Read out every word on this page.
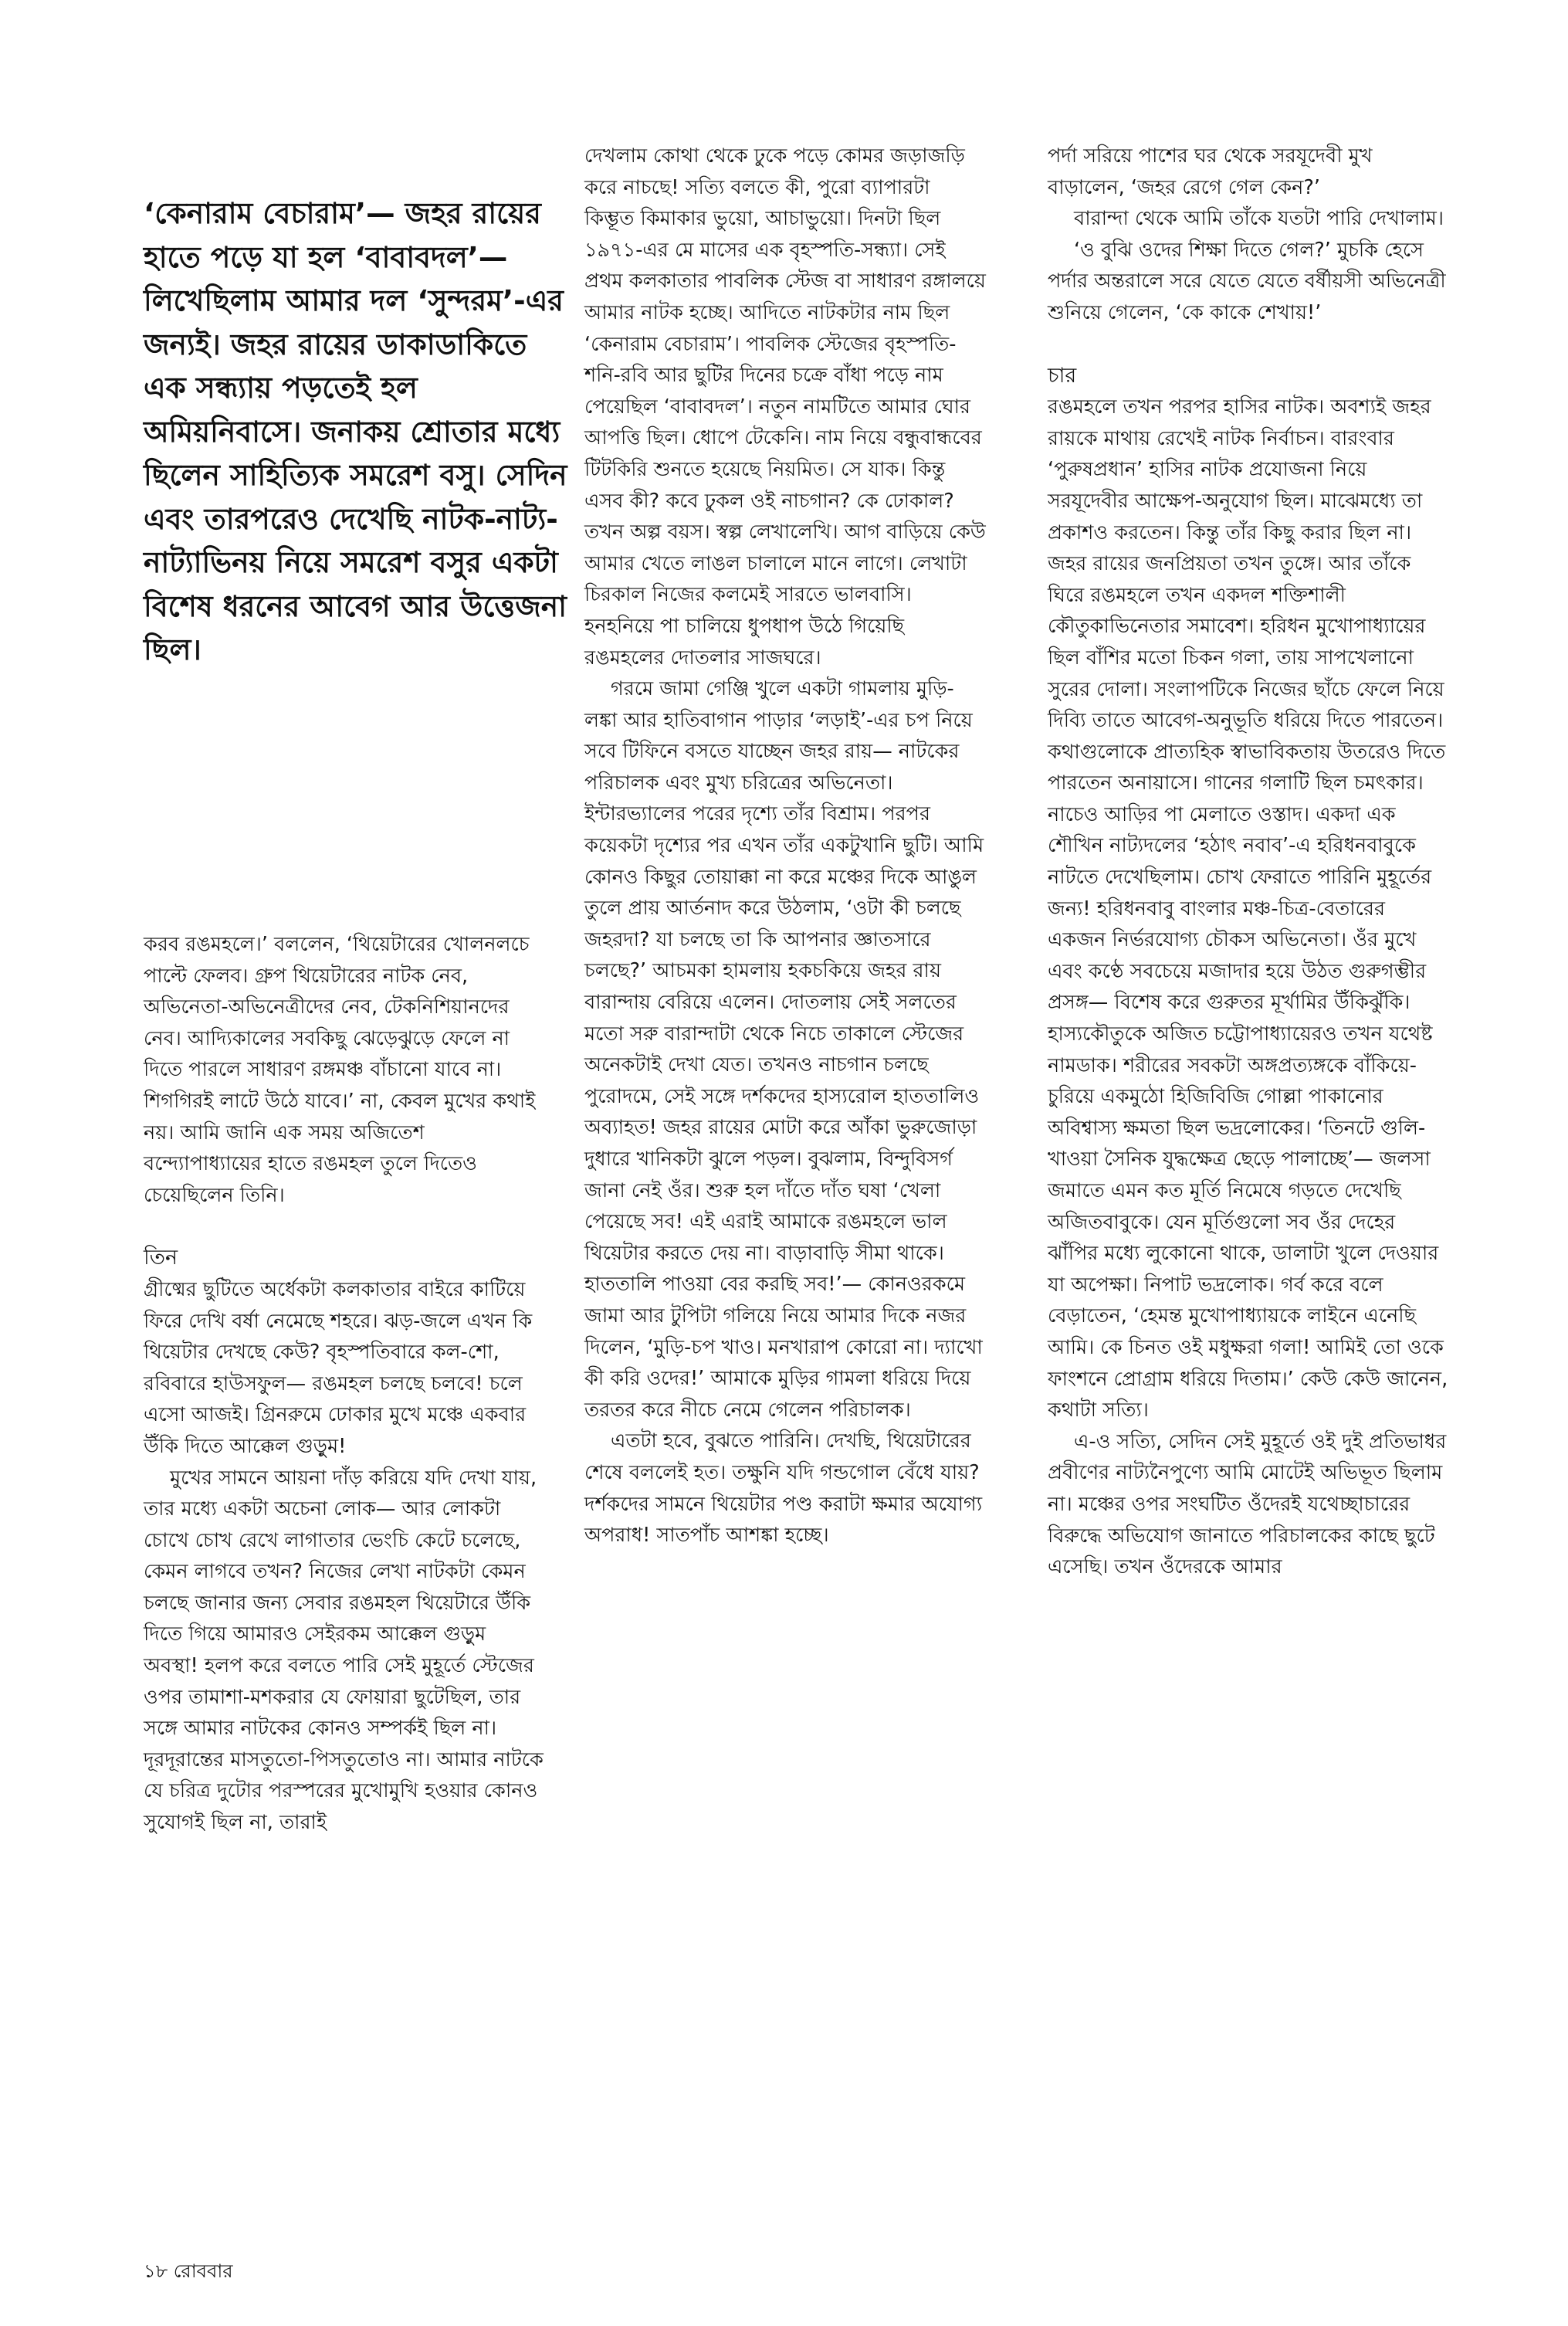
‘কেনারাম বেচারাম’— জহর রায়ের হাতে পড়ে যা হল ‘বাবাবদল’— লিখেছিলাম আমার দল ‘সুন্দরম’-এর জন্যই। জহর রায়ের ডাকাডাকিতে এক সন্ধ্যায় পড়তেই হল অমিয়নিবাসে। জনাকয় শ্রোতার মধ্যে ছিলেন সাহিত্যিক সমরেশ বসু। সেদিন এবং তারপরেও দেখেছি নাটক-নাট্য-নাট্যাভিনয় নিয়ে সমরেশ বসুর একটা বিশেষ ধরনের আবেগ আর উত্তেজনা ছিল।

করব রঙমহলে।’ বললেন, ‘থিয়েটারের খোলনলচে পাল্টে ফেলব। গ্রুপ থিয়েটারের নাটক নেব, অভিনেতা-অভিনেত্রীদের নেব, টেকনিশিয়ানদের নেব। আদ্যিকালের সবকিছু ঝেড়েঝুড়ে ফেলে না দিতে পারলে সাধারণ রঙ্গমঞ্চ বাঁচানো যাবে না। শিগগিরই লাটে উঠে যাবে।’ না, কেবল মুখের কথাই নয়। আমি জানি এক সময় অজিতেশ বন্দ্যোপাধ্যায়ের হাতে রঙমহল তুলে দিতেও চেয়েছিলেন তিনি।

তিন

গ্রীষ্মের ছুটিতে অর্ধেকটা কলকাতার বাইরে কাটিয়ে ফিরে দেখি বর্ষা নেমেছে শহরে। ঝড়-জলে এখন কি থিয়েটার দেখছে কেউ? বৃহস্পতিবারে কল-শো, রবিবারে হাউসফুল— রঙমহল চলছে চলবে! চলে এসো আজই। গ্রিনরুমে ঢোকার মুখে মঞ্চে একবার উঁকি দিতে আক্কেল গুড়ুম!

মুখের সামনে আয়না দাঁড় করিয়ে যদি দেখা যায়, তার মধ্যে একটা অচেনা লোক— আর লোকটা চোখে চোখ রেখে লাগাতার ভেংচি কেটে চলেছে, কেমন লাগবে তখন? নিজের লেখা নাটকটা কেমন চলছে জানার জন্য সেবার রঙমহল থিয়েটারে উঁকি দিতে গিয়ে আমারও সেইরকম আক্কেল গুড়ুম অবস্থা! হলপ করে বলতে পারি সেই মুহূর্তে স্টেজের ওপর তামাশা-মশকরার যে ফোয়ারা ছুটেছিল, তার সঙ্গে আমার নাটকের কোনও সম্পর্কই ছিল না। দূরদূরান্তের মাসতুতো-পিসতুতোও না। আমার নাটকে যে চরিত্র দুটোর পরস্পরের মুখোমুখি হওয়ার কোনও সুযোগই ছিল না, তারাই

দেখলাম কোথা থেকে ঢুকে পড়ে কোমর জড়াজড়ি করে নাচছে! সত্যি বলতে কী, পুরো ব্যাপারটা কিম্ভূত কিমাকার ভুয়ো, আচাভুয়ো। দিনটা ছিল ১৯৭১-এর মে মাসের এক বৃহস্পতি-সন্ধ্যা। সেই প্রথম কলকাতার পাবলিক স্টেজ বা সাধারণ রঙ্গালয়ে আমার নাটক হচ্ছে। আদিতে নাটকটার নাম ছিল ‘কেনারাম বেচারাম’। পাবলিক স্টেজের বৃহস্পতি-শনি-রবি আর ছুটির দিনের চক্রে বাঁধা পড়ে নাম পেয়েছিল ‘বাবাবদল’। নতুন নামটিতে আমার ঘোর আপত্তি ছিল। ধোপে টেকেনি। নাম নিয়ে বন্ধুবান্ধবের টিটকিরি শুনতে হয়েছে নিয়মিত। সে যাক। কিন্তু এসব কী? কবে ঢুকল ওই নাচগান? কে ঢোকাল? তখন অল্প বয়স। স্বল্প লেখালেখি। আগ বাড়িয়ে কেউ আমার খেতে লাঙল চালালে মানে লাগে। লেখাটা চিরকাল নিজের কলমেই সারতে ভালবাসি। হনহনিয়ে পা চালিয়ে ধুপধাপ উঠে গিয়েছি রঙমহলের দোতলার সাজঘরে।

গরমে জামা গেঞ্জি খুলে একটা গামলায় মুড়ি-লঙ্কা আর হাতিবাগান পাড়ার ‘লড়াই’-এর চপ নিয়ে সবে টিফিনে বসতে যাচ্ছেন জহর রায়— নাটকের পরিচালক এবং মুখ্য চরিত্রের অভিনেতা। ইন্টারভ্যালের পরের দৃশ্যে তাঁর বিশ্রাম। পরপর কয়েকটা দৃশ্যের পর এখন তাঁর একটুখানি ছুটি। আমি কোনও কিছুর তোয়াক্কা না করে মঞ্চের দিকে আঙুল তুলে প্রায় আর্তনাদ করে উঠলাম, ‘ওটা কী চলছে জহরদা? যা চলছে তা কি আপনার জ্ঞাতসারে চলছে?’ আচমকা হামলায় হকচকিয়ে জহর রায় বারান্দায় বেরিয়ে এলেন। দোতলায় সেই সলতের মতো সরু বারান্দাটা থেকে নিচে তাকালে স্টেজের অনেকটাই দেখা যেত। তখনও নাচগান চলছে পুরোদমে, সেই সঙ্গে দর্শকদের হাস্যরোল হাততালিও অব্যাহত! জহর রায়ের মোটা করে আঁকা ভুরুজোড়া দুধারে খানিকটা ঝুলে পড়ল। বুঝলাম, বিন্দুবিসর্গ জানা নেই ওঁর। শুরু হল দাঁতে দাঁত ঘষা ‘খেলা পেয়েছে সব! এই এরাই আমাকে রঙমহলে ভাল থিয়েটার করতে দেয় না। বাড়াবাড়ি সীমা থাকে। হাততালি পাওয়া বের করছি সব!’— কোনওরকমে জামা আর টুপিটা গলিয়ে নিয়ে আমার দিকে নজর দিলেন, ‘মুড়ি-চপ খাও। মনখারাপ কোরো না। দ্যাখো কী করি ওদের!’ আমাকে মুড়ির গামলা ধরিয়ে দিয়ে তরতর করে নীচে নেমে গেলেন পরিচালক।

এতটা হবে, বুঝতে পারিনি। দেখছি, থিয়েটারের শেষে বললেই হত। তক্ষুনি যদি গন্ডগোল বেঁধে যায়? দর্শকদের সামনে থিয়েটার পণ্ড করাটা ক্ষমার অযোগ্য অপরাধ! সাতপাঁচ আশঙ্কা হচ্ছে।

পর্দা সরিয়ে পাশের ঘর থেকে সরযূদেবী মুখ বাড়ালেন, ‘জহর রেগে গেল কেন?’

বারান্দা থেকে আমি তাঁকে যতটা পারি দেখালাম।

‘ও বুঝি ওদের শিক্ষা দিতে গেল?’ মুচকি হেসে পর্দার অন্তরালে সরে যেতে যেতে বর্ষীয়সী অভিনেত্রী শুনিয়ে গেলেন, ‘কে কাকে শেখায়!’

চার

রঙমহলে তখন পরপর হাসির নাটক। অবশ্যই জহর রায়কে মাথায় রেখেই নাটক নির্বাচন। বারংবার ‘পুরুষপ্রধান’ হাসির নাটক প্রযোজনা নিয়ে সরযূদেবীর আক্ষেপ-অনুযোগ ছিল। মাঝেমধ্যে তা প্রকাশও করতেন। কিন্তু তাঁর কিছু করার ছিল না। জহর রায়ের জনপ্রিয়তা তখন তুঙ্গে। আর তাঁকে ঘিরে রঙমহলে তখন একদল শক্তিশালী কৌতুকাভিনেতার সমাবেশ। হরিধন মুখোপাধ্যায়ের ছিল বাঁশির মতো চিকন গলা, তায় সাপখেলানো সুরের দোলা। সংলাপটিকে নিজের ছাঁচে ফেলে নিয়ে দিব্যি তাতে আবেগ-অনুভূতি ধরিয়ে দিতে পারতেন। কথাগুলোকে প্রাত্যহিক স্বাভাবিকতায় উতরেও দিতে পারতেন অনায়াসে। গানের গলাটি ছিল চমৎকার। নাচেও আড়ির পা মেলাতে ওস্তাদ। একদা এক শৌখিন নাট্যদলের ‘হঠাৎ নবাব’-এ হরিধনবাবুকে নাটতে দেখেছিলাম। চোখ ফেরাতে পারিনি মুহূর্তের জন্য! হরিধনবাবু বাংলার মঞ্চ-চিত্র-বেতারের একজন নির্ভরযোগ্য চৌকস অভিনেতা। ওঁর মুখে এবং কণ্ঠে সবচেয়ে মজাদার হয়ে উঠত গুরুগম্ভীর প্রসঙ্গ— বিশেষ করে গুরুতর মূর্খামির উঁকিঝুঁকি। হাস্যকৌতুকে অজিত চট্টোপাধ্যায়েরও তখন যথেষ্ট নামডাক। শরীরের সবকটা অঙ্গপ্রত্যঙ্গকে বাঁকিয়ে-চুরিয়ে একমুঠো হিজিবিজি গোল্লা পাকানোর অবিশ্বাস্য ক্ষমতা ছিল ভদ্রলোকের। ‘তিনটে গুলি-খাওয়া সৈনিক যুদ্ধক্ষেত্র ছেড়ে পালাচ্ছে’— জলসা জমাতে এমন কত মূর্তি নিমেষে গড়তে দেখেছি অজিতবাবুকে। যেন মূর্তিগুলো সব ওঁর দেহের ঝাঁপির মধ্যে লুকোনো থাকে, ডালাটা খুলে দেওয়ার যা অপেক্ষা। নিপাট ভদ্রলোক। গর্ব করে বলে বেড়াতেন, ‘হেমন্ত মুখোপাধ্যায়কে লাইনে এনেছি আমি। কে চিনত ওই মধুক্ষরা গলা! আমিই তো ওকে ফাংশনে প্রোগ্রাম ধরিয়ে দিতাম।’ কেউ কেউ জানেন, কথাটা সত্যি।

এ-ও সত্যি, সেদিন সেই মুহূর্তে ওই দুই প্রতিভাধর প্রবীণের নাট্যনৈপুণ্যে আমি মোটেই অভিভূত ছিলাম না। মঞ্চের ওপর সংঘটিত ওঁদেরই যথেচ্ছাচারের বিরুদ্ধে অভিযোগ জানাতে পরিচালকের কাছে ছুটে এসেছি। তখন ওঁদেরকে আমার

১৮ রোববার
